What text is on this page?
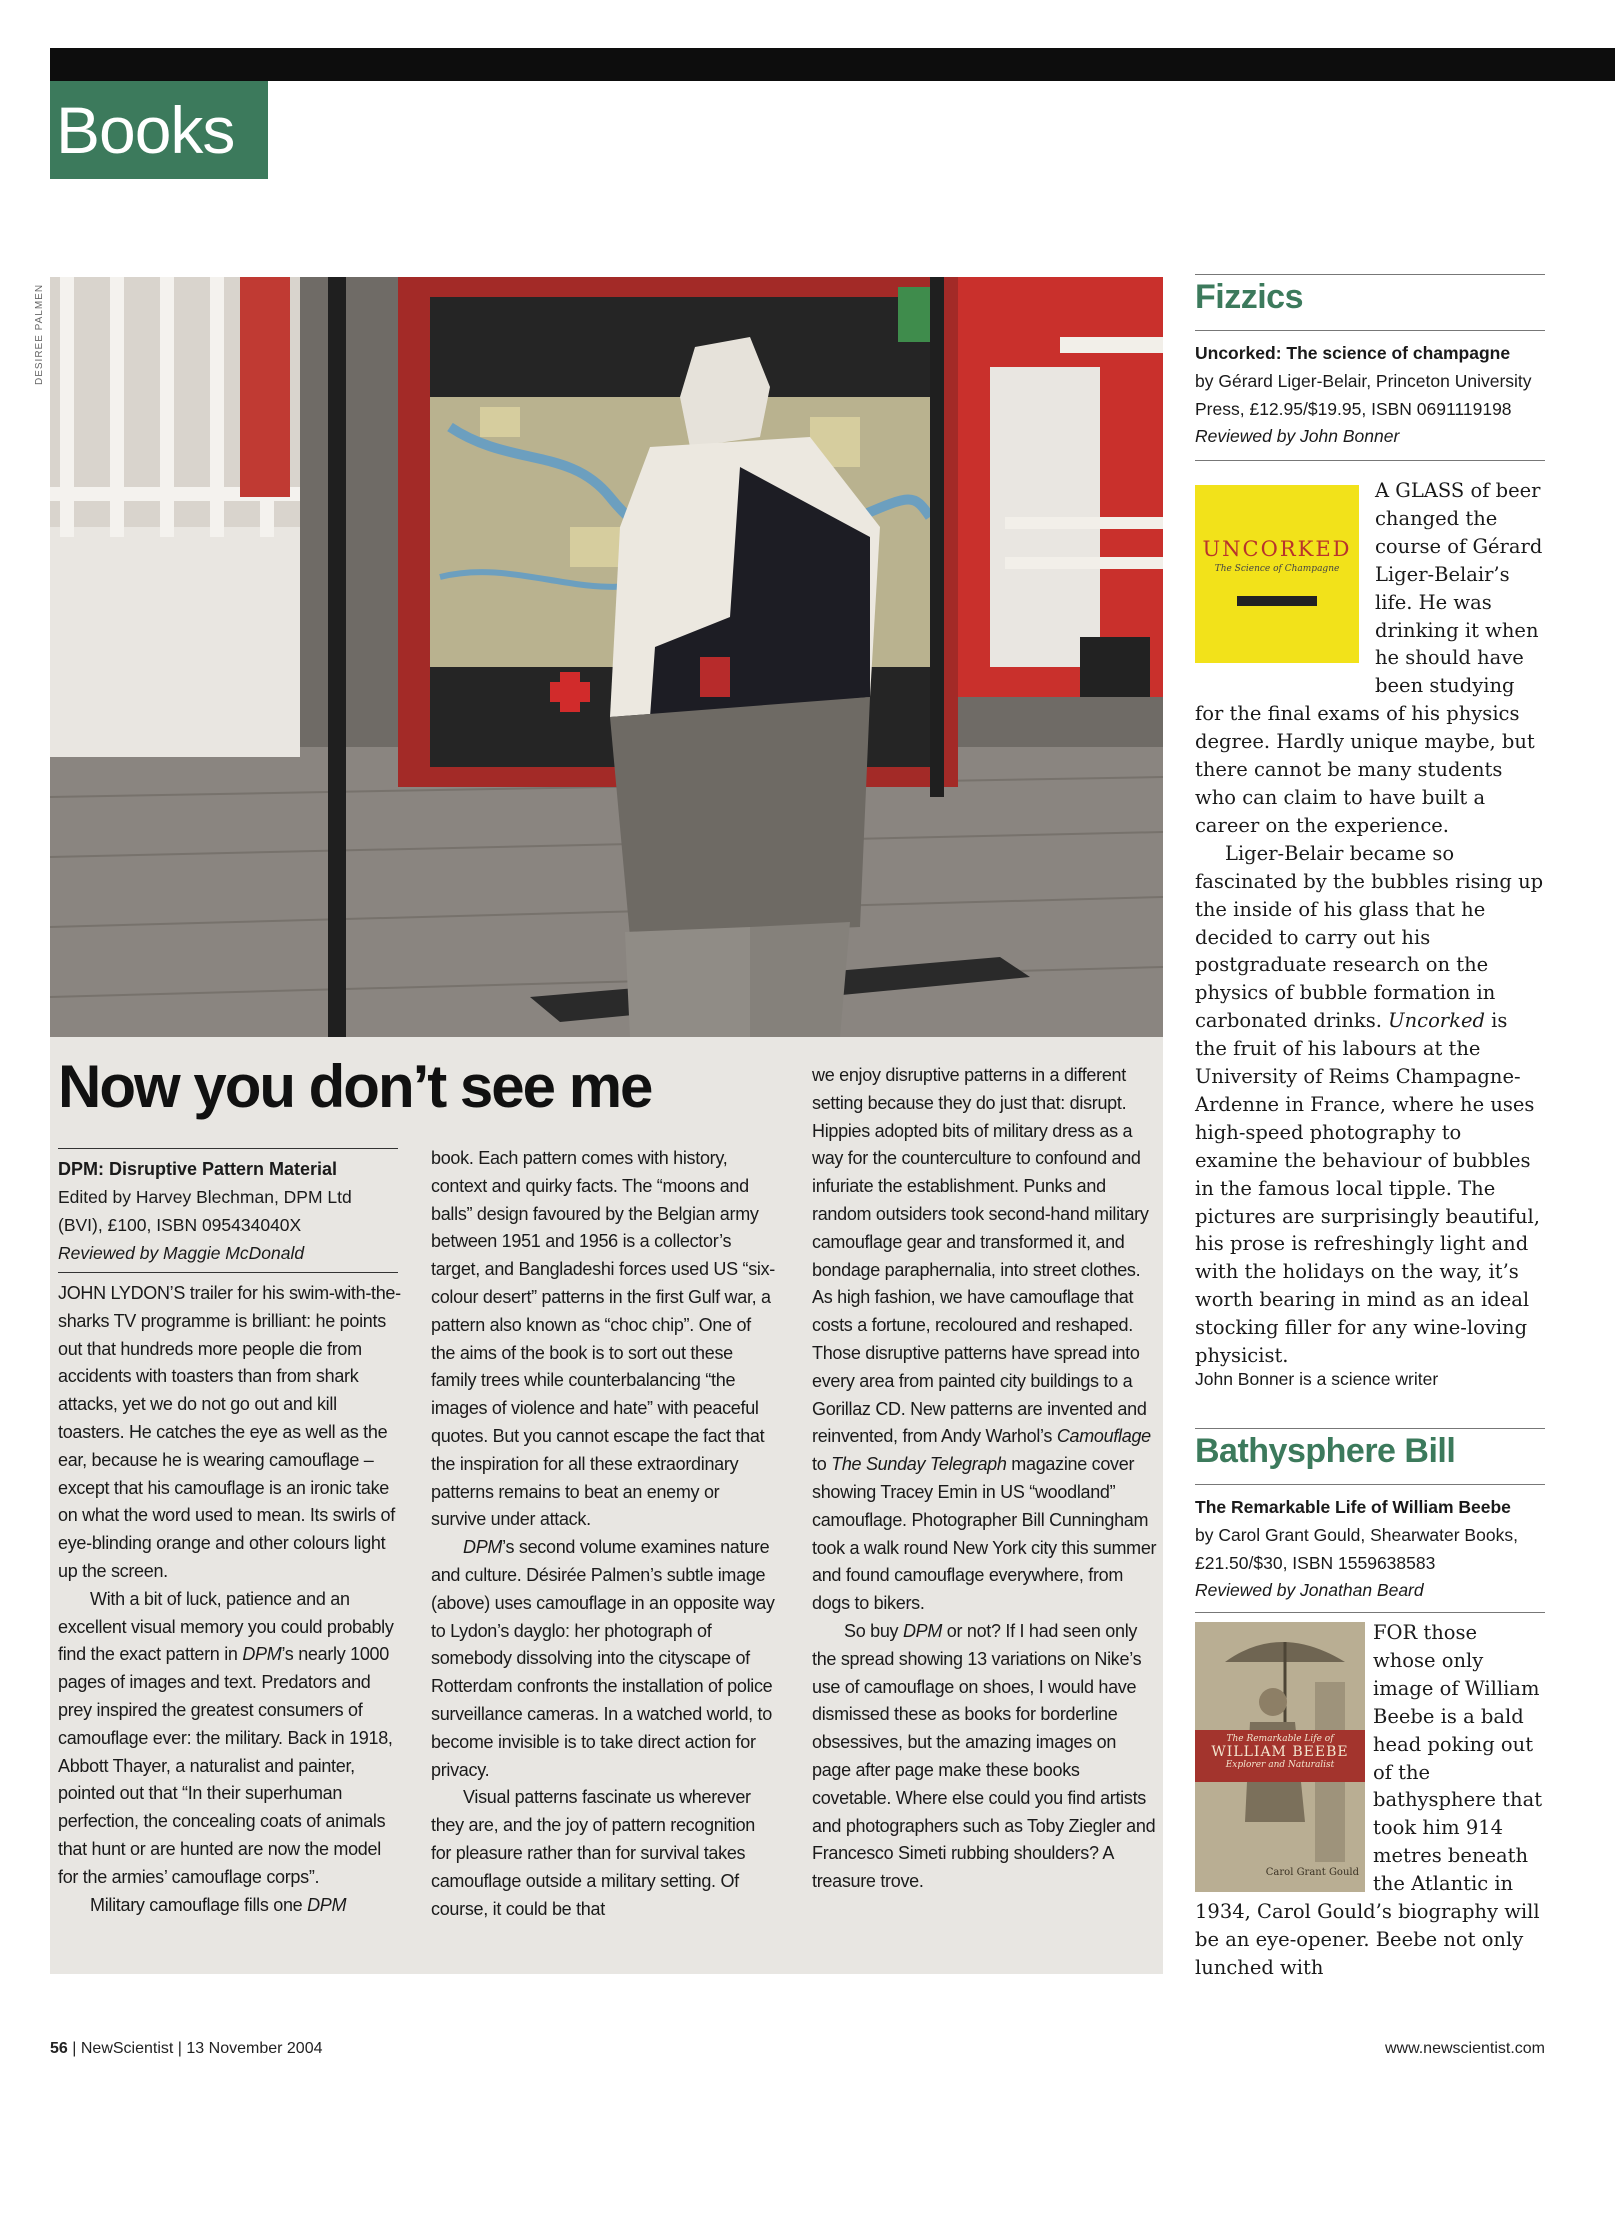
Books
DESIREE PALMEN
Now you don’t see me
DPM: Disruptive Pattern Material
Edited by Harvey Blechman, DPM Ltd (BVI), £100, ISBN 095434040X
Reviewed by Maggie McDonald

JOHN LYDON’S trailer for his swim-with-the-sharks TV programme is brilliant: he points out that hundreds more people die from accidents with toasters than from shark attacks, yet we do not go out and kill toasters. He catches the eye as well as the ear, because he is wearing camouflage – except that his camouflage is an ironic take on what the word used to mean. Its swirls of eye-blinding orange and other colours light up the screen.

With a bit of luck, patience and an excellent visual memory you could probably find the exact pattern in DPM’s nearly 1000 pages of images and text. Predators and prey inspired the greatest consumers of camouflage ever: the military. Back in 1918, Abbott Thayer, a naturalist and painter, pointed out that “In their superhuman perfection, the concealing coats of animals that hunt or are hunted are now the model for the armies’ camouflage corps”.

Military camouflage fills one DPM

book. Each pattern comes with history, context and quirky facts. The “moons and balls” design favoured by the Belgian army between 1951 and 1956 is a collector’s target, and Bangladeshi forces used US “six-colour desert” patterns in the first Gulf war, a pattern also known as “choc chip”. One of the aims of the book is to sort out these family trees while counterbalancing “the images of violence and hate” with peaceful quotes. But you cannot escape the fact that the inspiration for all these extraordinary patterns remains to beat an enemy or survive under attack.

DPM’s second volume examines nature and culture. Désirée Palmen’s subtle image (above) uses camouflage in an opposite way to Lydon’s dayglo: her photograph of somebody dissolving into the cityscape of Rotterdam confronts the installation of police surveillance cameras. In a watched world, to become invisible is to take direct action for privacy.

Visual patterns fascinate us wherever they are, and the joy of pattern recognition for pleasure rather than for survival takes camouflage outside a military setting. Of course, it could be that

we enjoy disruptive patterns in a different setting because they do just that: disrupt. Hippies adopted bits of military dress as a way for the counterculture to confound and infuriate the establishment. Punks and random outsiders took second-hand military camouflage gear and transformed it, and bondage paraphernalia, into street clothes. As high fashion, we have camouflage that costs a fortune, recoloured and reshaped. Those disruptive patterns have spread into every area from painted city buildings to a Gorillaz CD. New patterns are invented and reinvented, from Andy Warhol’s Camouflage to The Sunday Telegraph magazine cover showing Tracey Emin in US “woodland” camouflage. Photographer Bill Cunningham took a walk round New York city this summer and found camouflage everywhere, from dogs to bikers.

So buy DPM or not? If I had seen only the spread showing 13 variations on Nike’s use of camouflage on shoes, I would have dismissed these as books for borderline obsessives, but the amazing images on page after page make these books covetable. Where else could you find artists and photographers such as Toby Ziegler and Francesco Simeti rubbing shoulders? A treasure trove.

Fizzics
Uncorked: The science of champagne
by Gérard Liger-Belair, Princeton University Press, £12.95/$19.95, ISBN 0691119198
Reviewed by John Bonner
UNCORKED
The Science of Champagne

A GLASS of beer changed the course of Gérard Liger-Belair’s life. He was drinking it when he should have been studying for the final exams of his physics degree. Hardly unique maybe, but there cannot be many students who can claim to have built a career on the experience.

Liger-Belair became so fascinated by the bubbles rising up the inside of his glass that he decided to carry out his postgraduate research on the physics of bubble formation in carbonated drinks. Uncorked is the fruit of his labours at the University of Reims Champagne-Ardenne in France, where he uses high-speed photography to examine the behaviour of bubbles in the famous local tipple. The pictures are surprisingly beautiful, his prose is refreshingly light and with the holidays on the way, it’s worth bearing in mind as an ideal stocking filler for any wine-loving physicist.

John Bonner is a science writer
Bathysphere Bill
The Remarkable Life of William Beebe
by Carol Grant Gould, Shearwater Books, £21.50/$30, ISBN 1559638583
Reviewed by Jonathan Beard
The Remarkable Life of
WILLIAM BEEBE
Explorer and Naturalist
Carol Grant Gould

FOR those whose only image of William Beebe is a bald head poking out of the bathysphere that took him 914 metres beneath the Atlantic in 1934, Carol Gould’s biography will be an eye-opener. Beebe not only lunched with

56 | NewScientist | 13 November 2004	www.newscientist.com
